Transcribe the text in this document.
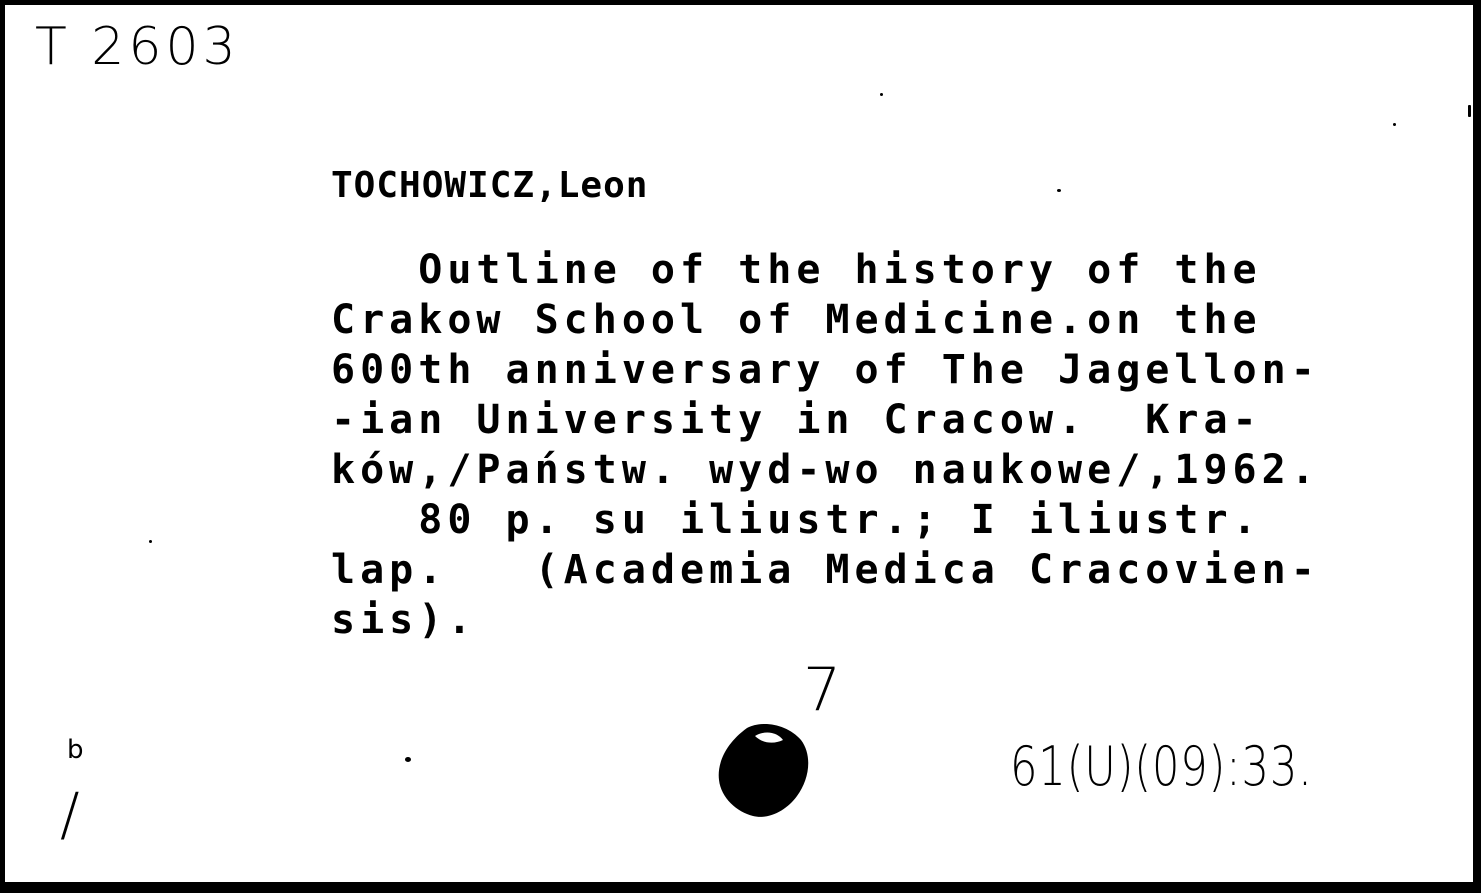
T 2603
TOCHOWICZ,Leon
Outline of the history of the
Crakow School of Medicine.on the
600th anniversary of The Jagellon-
-ian University in Cracow.  Kra-
ków,/Państw. wyd-wo naukowe/,1962.
80 p. su iliustr.; I iliustr.
lap.   (Academia Medica Cracovien-
sis).
7
61(U)(09):33.
b
/
